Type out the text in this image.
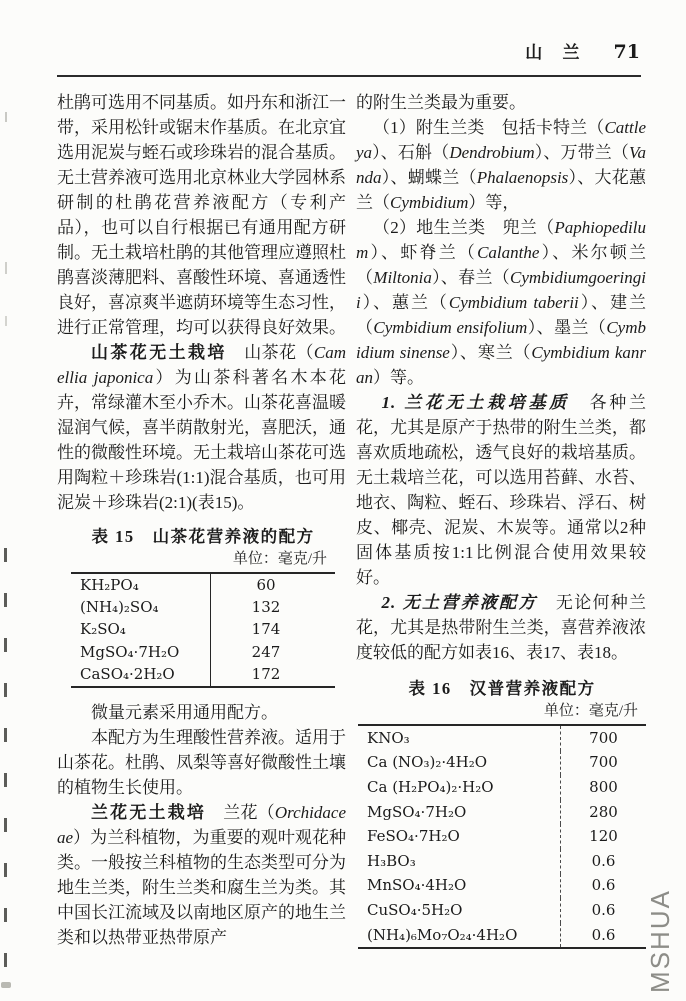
山 兰 71

杜鹃可选用不同基质。如丹东和浙江一带，采用松针或锯末作基质。在北京宜选用泥炭与蛭石或珍珠岩的混合基质。无土营养液可选用北京林业大学园林系研制的杜鹃花营养液配方（专利产品），也可以自行根据已有通用配方研制。无土栽培杜鹃的其他管理应遵照杜鹃喜淡薄肥料、喜酸性环境、喜通透性良好，喜凉爽半遮荫环境等生态习性，进行正常管理，均可以获得良好效果。

山茶花无土栽培　山茶花（Camellia japonica）为山茶科著名木本花卉，常绿灌木至小乔木。山茶花喜温暖湿润气候，喜半荫散射光，喜肥沃，通性的微酸性环境。无土栽培山茶花可选用陶粒＋珍珠岩(1:1)混合基质，也可用泥炭＋珍珠岩(2:1)(表15)。

表 15　山茶花营养液的配方
单位：毫克/升
KH₂PO₄	60
(NH₄)₂SO₄	132
K₂SO₄	174
MgSO₄·7H₂O	247
CaSO₄·2H₂O	172

微量元素采用通用配方。

本配方为生理酸性营养液。适用于山茶花。杜鹃、凤梨等喜好微酸性土壤的植物生长使用。

兰花无土栽培　兰花（Orchidaceae）为兰科植物，为重要的观叶观花种类。一般按兰科植物的生态类型可分为地生兰类，附生兰类和腐生兰为类。其中国长江流域及以南地区原产的地生兰类和以热带亚热带原产

的附生兰类最为重要。

（1）附生兰类　包括卡特兰（Cattleya）、石斛（Dendrobium）、万带兰（Vanda）、蝴蝶兰（Phalaenopsis）、大花蕙兰（Cymbidium）等，

（2）地生兰类　兜兰（Paphiopedilum）、虾脊兰（Calanthe）、米尔顿兰（Miltonia）、春兰（Cymbidiumgoeringii）、蕙兰（Cymbidium taberii）、建兰（Cymbidium ensifolium）、墨兰（Cymbidium sinense）、寒兰（Cymbidium kanran）等。

1. 兰花无土栽培基质　各种兰花，尤其是原产于热带的附生兰类，都喜欢质地疏松，透气良好的栽培基质。无土栽培兰花，可以选用苔藓、水苔、地衣、陶粒、蛭石、珍珠岩、浮石、树皮、椰壳、泥炭、木炭等。通常以2种固体基质按1:1比例混合使用效果较好。

2. 无土营养液配方　无论何种兰花，尤其是热带附生兰类，喜营养液浓度较低的配方如表16、表17、表18。

表 16　汉普营养液配方
单位：毫克/升
KNO₃	700
Ca (NO₃)₂·4H₂O	700
Ca (H₂PO₄)₂·H₂O	800
MgSO₄·7H₂O	280
FeSO₄·7H₂O	120
H₃BO₃	0.6
MnSO₄·4H₂O	0.6
CuSO₄·5H₂O	0.6
(NH₄)₆Mo₇O₂₄·4H₂O	0.6	MSHUA
